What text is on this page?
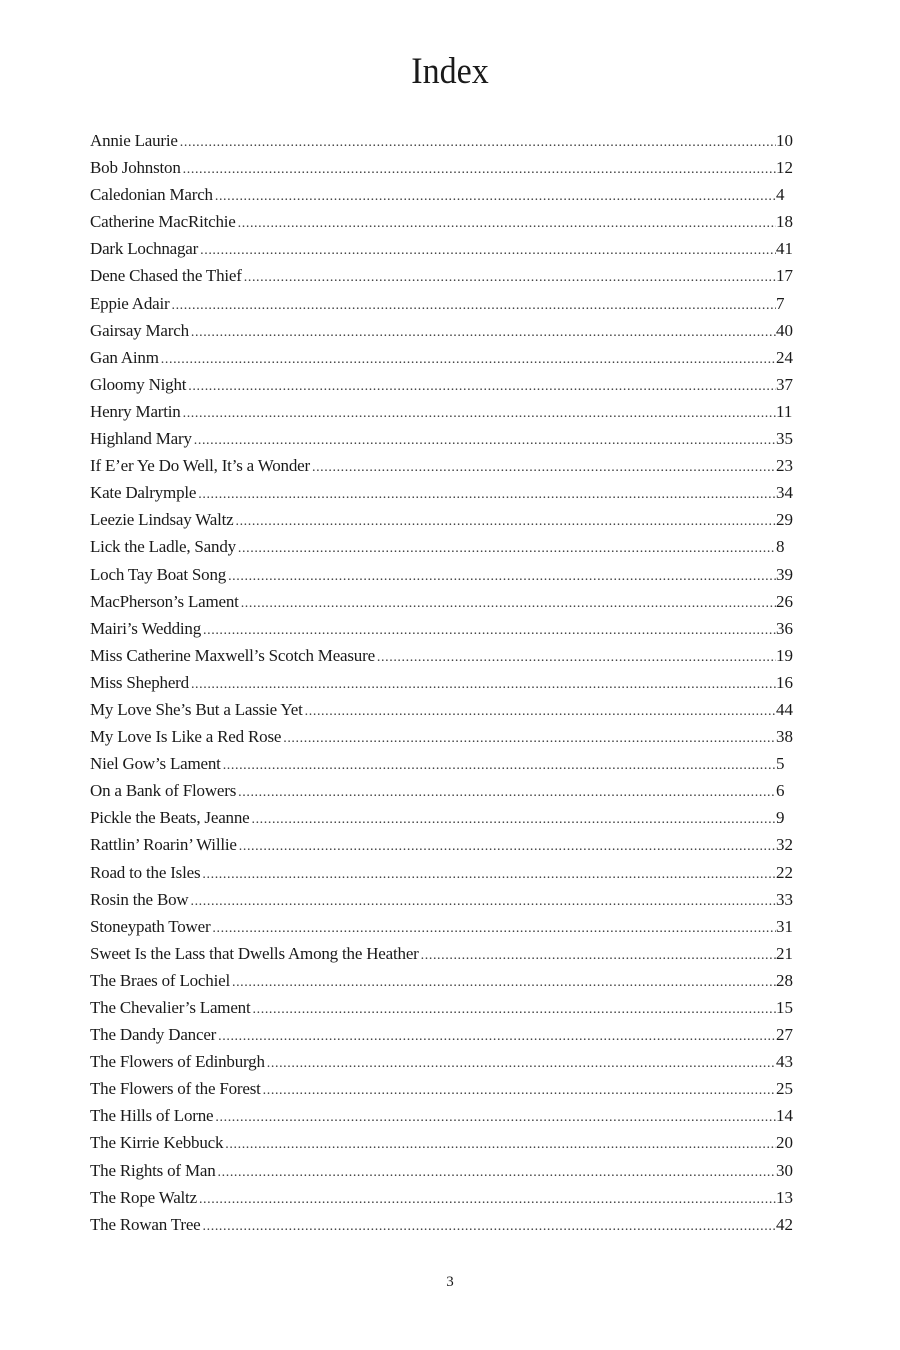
Index
Annie Laurie .....	10
Bob Johnston .....	12
Caledonian March .....	4
Catherine MacRitchie .....	18
Dark Lochnagar .....	41
Dene Chased the Thief .....	17
Eppie Adair .....	7
Gairsay March .....	40
Gan Ainm .....	24
Gloomy Night .....	37
Henry Martin .....	11
Highland Mary .....	35
If E’er Ye Do Well, It’s a Wonder .....	23
Kate Dalrymple .....	34
Leezie Lindsay Waltz .....	29
Lick the Ladle, Sandy .....	8
Loch Tay Boat Song .....	39
MacPherson’s Lament .....	26
Mairi’s Wedding .....	36
Miss Catherine Maxwell’s Scotch Measure .....	19
Miss Shepherd .....	16
My Love She’s But a Lassie Yet .....	44
My Love Is Like a Red Rose .....	38
Niel Gow’s Lament .....	5
On a Bank of Flowers .....	6
Pickle the Beats, Jeanne .....	9
Rattlin’ Roarin’ Willie .....	32
Road to the Isles .....	22
Rosin the Bow .....	33
Stoneypath Tower .....	31
Sweet Is the Lass that Dwells Among the Heather .....	21
The Braes of Lochiel .....	28
The Chevalier’s Lament .....	15
The Dandy Dancer .....	27
The Flowers of Edinburgh .....	43
The Flowers of the Forest .....	25
The Hills of Lorne .....	14
The Kirrie Kebbuck .....	20
The Rights of Man .....	30
The Rope Waltz .....	13
The Rowan Tree .....	42
3
